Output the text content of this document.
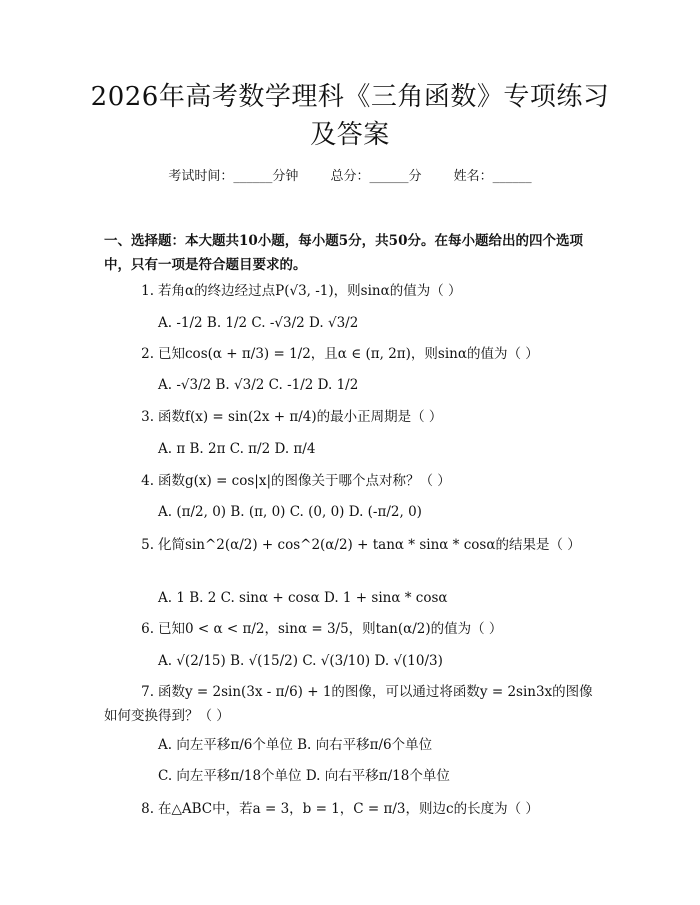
2026年高考数学理科《三角函数》专项练习
及答案
考试时间：______分钟 总分：______分 姓名：______

一、选择题：本大题共10小题，每小题5分，共50分。在每小题给出的四个选项中，只有一项是符合题目要求的。

1. 若角α的终边经过点P(√3, -1)，则sinα的值为（ ）
A. -1/2 B. 1/2 C. -√3/2 D. √3/2
2. 已知cos(α + π/3) = 1/2，且α ∈ (π, 2π)，则sinα的值为（ ）
A. -√3/2 B. √3/2 C. -1/2 D. 1/2
3. 函数f(x) = sin(2x + π/4)的最小正周期是（ ）
A. π B. 2π C. π/2 D. π/4
4. 函数g(x) = cos|x|的图像关于哪个点对称？（ ）
A. (π/2, 0) B. (π, 0) C. (0, 0) D. (-π/2, 0)
5. 化简sin^2(α/2) + cos^2(α/2) + tanα * sinα * cosα的结果是（ ）
A. 1 B. 2 C. sinα + cosα D. 1 + sinα * cosα
6. 已知0 < α < π/2，sinα = 3/5，则tan(α/2)的值为（ ）
A. √(2/15) B. √(15/2) C. √(3/10) D. √(10/3)
7. 函数y = 2sin(3x - π/6) + 1的图像，可以通过将函数y = 2sin3x的图像如何变换得到？（ ）
A. 向左平移π/6个单位 B. 向右平移π/6个单位
C. 向左平移π/18个单位 D. 向右平移π/18个单位
8. 在△ABC中，若a = 3，b = 1，C = π/3，则边c的长度为（ ）
